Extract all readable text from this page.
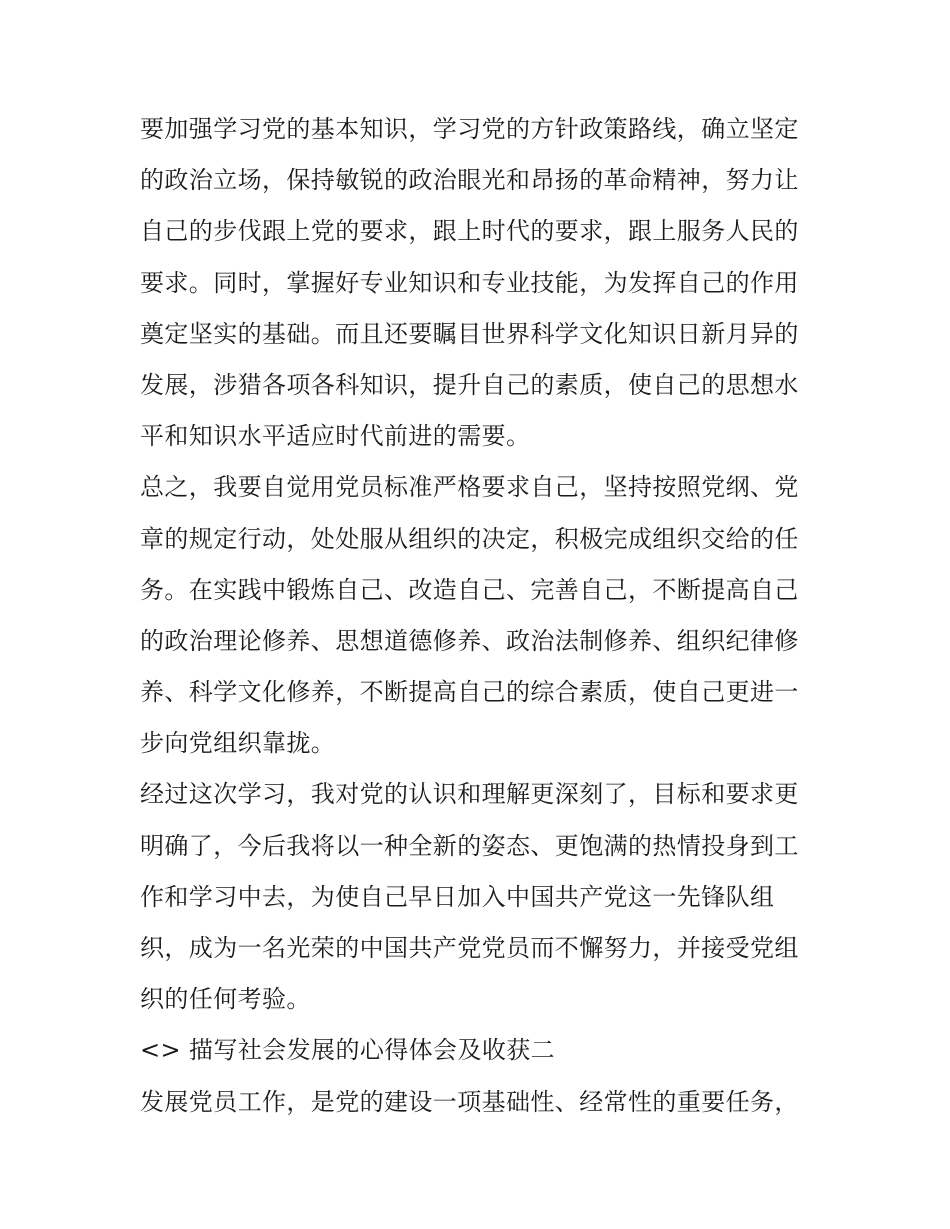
要加强学习党的基本知识，学习党的方针政策路线，确立坚定
的政治立场，保持敏锐的政治眼光和昂扬的革命精神，努力让
自己的步伐跟上党的要求，跟上时代的要求，跟上服务人民的
要求。同时，掌握好专业知识和专业技能，为发挥自己的作用
奠定坚实的基础。而且还要瞩目世界科学文化知识日新月异的
发展，涉猎各项各科知识，提升自己的素质，使自己的思想水
平和知识水平适应时代前进的需要。
总之，我要自觉用党员标准严格要求自己，坚持按照党纲、党
章的规定行动，处处服从组织的决定，积极完成组织交给的任
务。在实践中锻炼自己、改造自己、完善自己，不断提高自己
的政治理论修养、思想道德修养、政治法制修养、组织纪律修
养、科学文化修养，不断提高自己的综合素质，使自己更进一
步向党组织靠拢。
经过这次学习，我对党的认识和理解更深刻了，目标和要求更
明确了，今后我将以一种全新的姿态、更饱满的热情投身到工
作和学习中去，为使自己早日加入中国共产党这一先锋队组
织，成为一名光荣的中国共产党党员而不懈努力，并接受党组
织的任何考验。
<> 描写社会发展的心得体会及收获二
发展党员工作，是党的建设一项基础性、经常性的重要任务，
